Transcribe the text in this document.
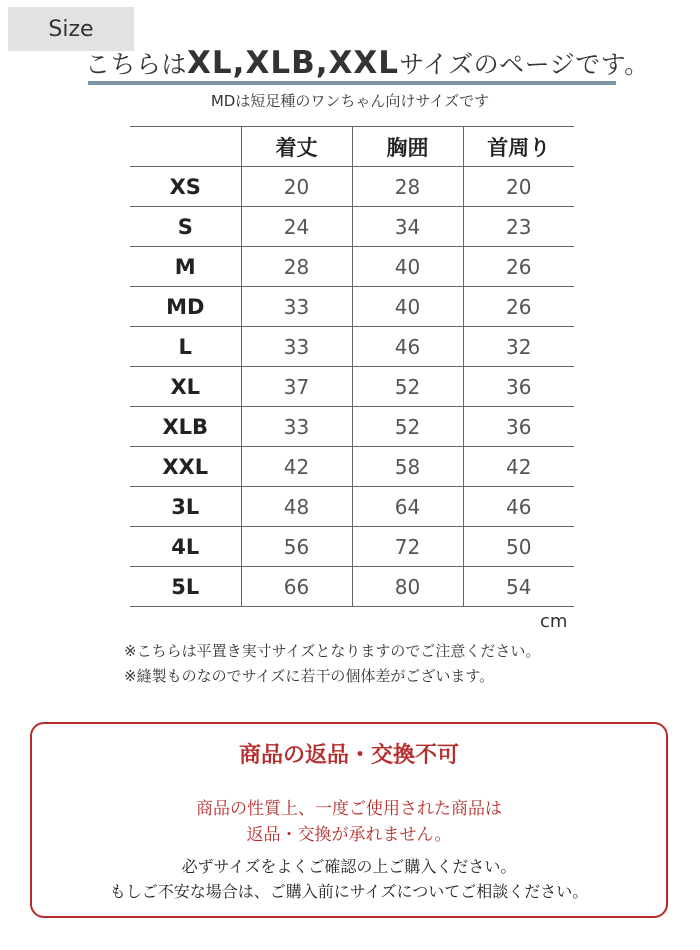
Size
こちらはXL,XLB,XXLサイズのページです。
MDは短足種のワンちゃん向けサイズです
	着丈	胸囲	首周り
XS	20	28	20
S	24	34	23
M	28	40	26
MD	33	40	26
L	33	46	32
XL	37	52	36
XLB	33	52	36
XXL	42	58	42
3L	48	64	46
4L	56	72	50
5L	66	80	54
cm
※こちらは平置き実寸サイズとなりますのでご注意ください。
※縫製ものなのでサイズに若干の個体差がございます。
商品の返品・交換不可
商品の性質上、一度ご使用された商品は
返品・交換が承れません。
必ずサイズをよくご確認の上ご購入ください。
もしご不安な場合は、ご購入前にサイズについてご相談ください。
